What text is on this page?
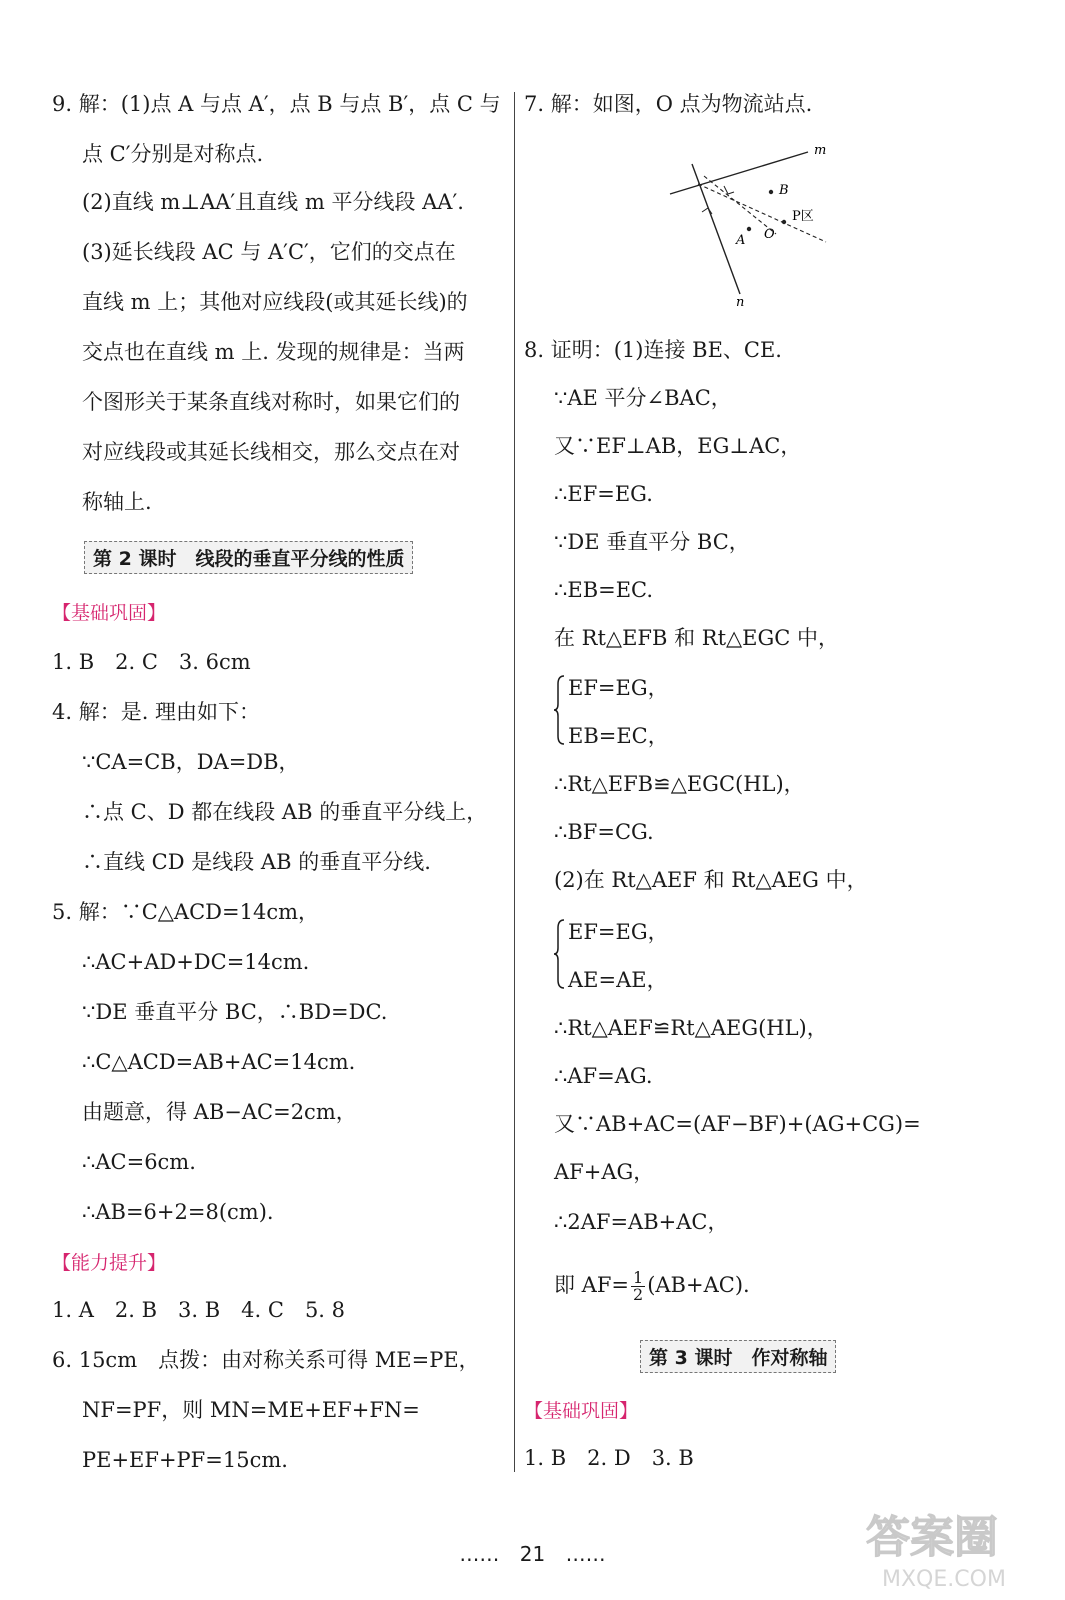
9. 解：(1)点 A 与点 A′，点 B 与点 B′，点 C 与
点 C′分别是对称点.
(2)直线 m⊥AA′且直线 m 平分线段 AA′.
(3)延长线段 AC 与 A′C′，它们的交点在
直线 m 上；其他对应线段(或其延长线)的
交点也在直线 m 上. 发现的规律是：当两
个图形关于某条直线对称时，如果它们的
对应线段或其延长线相交，那么交点在对
称轴上.
第 2 课时　线段的垂直平分线的性质
【基础巩固】
1. B　2. C　3. 6cm
4. 解：是. 理由如下：
∵CA=CB，DA=DB，
∴点 C、D 都在线段 AB 的垂直平分线上，
∴直线 CD 是线段 AB 的垂直平分线.
5. 解：∵C△ACD=14cm，
∴AC+AD+DC=14cm.
∵DE 垂直平分 BC，∴BD=DC.
∴C△ACD=AB+AC=14cm.
由题意，得 AB−AC=2cm，
∴AC=6cm.
∴AB=6+2=8(cm).
【能力提升】
1. A　2. B　3. B　4. C　5. 8
6. 15cm　点拨：由对称关系可得 ME=PE，
NF=PF，则 MN=ME+EF+FN=
PE+EF+PF=15cm.
7. 解：如图，O 点为物流站点.
m
n
B
A O
P区
8. 证明：(1)连接 BE、CE.
∵AE 平分∠BAC，
又∵EF⊥AB，EG⊥AC，
∴EF=EG.
∵DE 垂直平分 BC，
∴EB=EC.
在 Rt△EFB 和 Rt△EGC 中，
EF=EG，
EB=EC，
∴Rt△EFB≌△EGC(HL)，
∴BF=CG.
(2)在 Rt△AEF 和 Rt△AEG 中，
EF=EG，
AE=AE，
∴Rt△AEF≌Rt△AEG(HL)，
∴AF=AG.
又∵AB+AC=(AF−BF)+(AG+CG)=
AF+AG，
∴2AF=AB+AC，
即 $AF= \frac{1}{2} (AB+AC)$.
第 3 课时　作对称轴
【基础巩固】
1. B　2. D　3. B
…… 21 ……	答案圈
MXQE.COM
